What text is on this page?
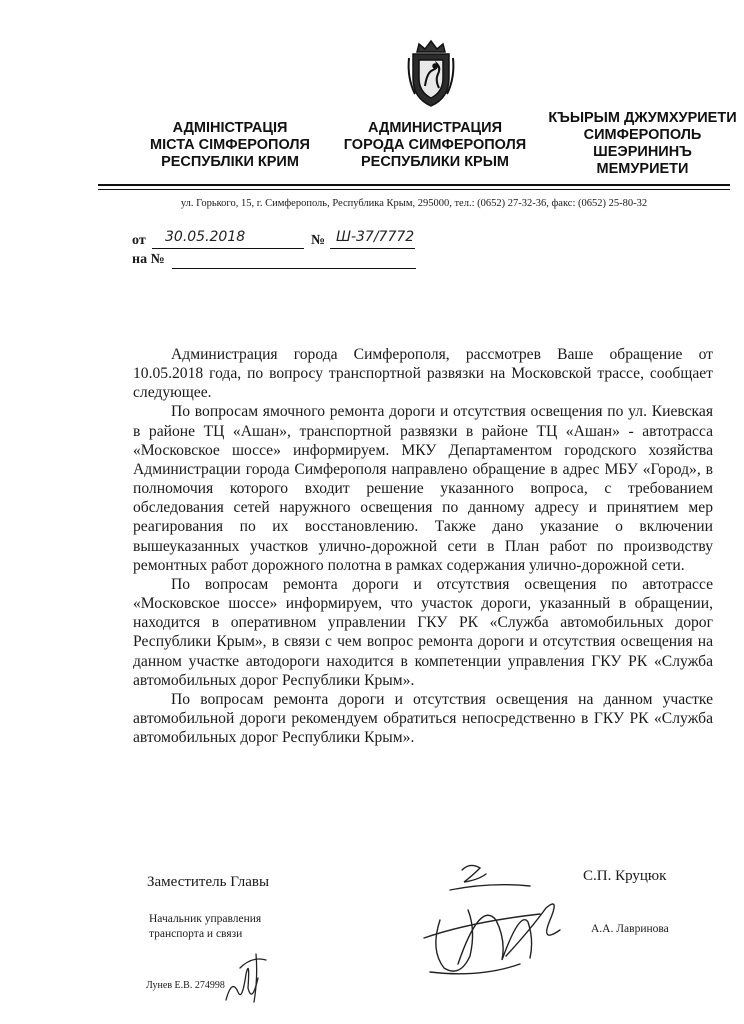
АДМІНІСТРАЦІЯ
МІСТА СІМФЕРОПОЛЯ
РЕСПУБЛІКИ КРИМ
АДМИНИСТРАЦИЯ
ГОРОДА СИМФЕРОПОЛЯ
РЕСПУБЛИКИ КРЫМ
КЪЫРЫМ ДЖУМХУРИЕТИ
СИМФЕРОПОЛЬ
ШЕЭРИНИНЪ
МЕМУРИЕТИ
ул. Горького, 15, г. Симферополь, Республика Крым, 295000, тел.: (0652) 27-32-36, факс: (0652) 25-80-32
от 30.05.2018	№ Ш-37/7772
на №

Администрация города Симферополя, рассмотрев Ваше обращение от 10.05.2018 года, по вопросу транспортной развязки на Московской трассе, сообщает следующее.

По вопросам ямочного ремонта дороги и отсутствия освещения по ул. Киевская в районе ТЦ «Ашан», транспортной развязки в районе ТЦ «Ашан» - автотрасса «Московское шоссе» информируем. МКУ Департаментом городского хозяйства Администрации города Симферополя направлено обращение в адрес МБУ «Город», в полномочия которого входит решение указанного вопроса, с требованием обследования сетей наружного освещения по данному адресу и принятием мер реагирования по их восстановлению. Также дано указание о включении вышеуказанных участков улично-дорожной сети в План работ по производству ремонтных работ дорожного полотна в рамках содержания улично-дорожной сети.

По вопросам ремонта дороги и отсутствия освещения по автотрассе «Московское шоссе» информируем, что участок дороги, указанный в обращении, находится в оперативном управлении ГКУ РК «Служба автомобильных дорог Республики Крым», в связи с чем вопрос ремонта дороги и отсутствия освещения на данном участке автодороги находится в компетенции управления ГКУ РК «Служба автомобильных дорог Республики Крым».

По вопросам ремонта дороги и отсутствия освещения на данном участке автомобильной дороги рекомендуем обратиться непосредственно в ГКУ РК «Служба автомобильных дорог Республики Крым».

Заместитель Главы	С.П. Круцюк
Начальник управления
транспорта и связи	А.А. Лавринова
Лунев Е.В. 274998
